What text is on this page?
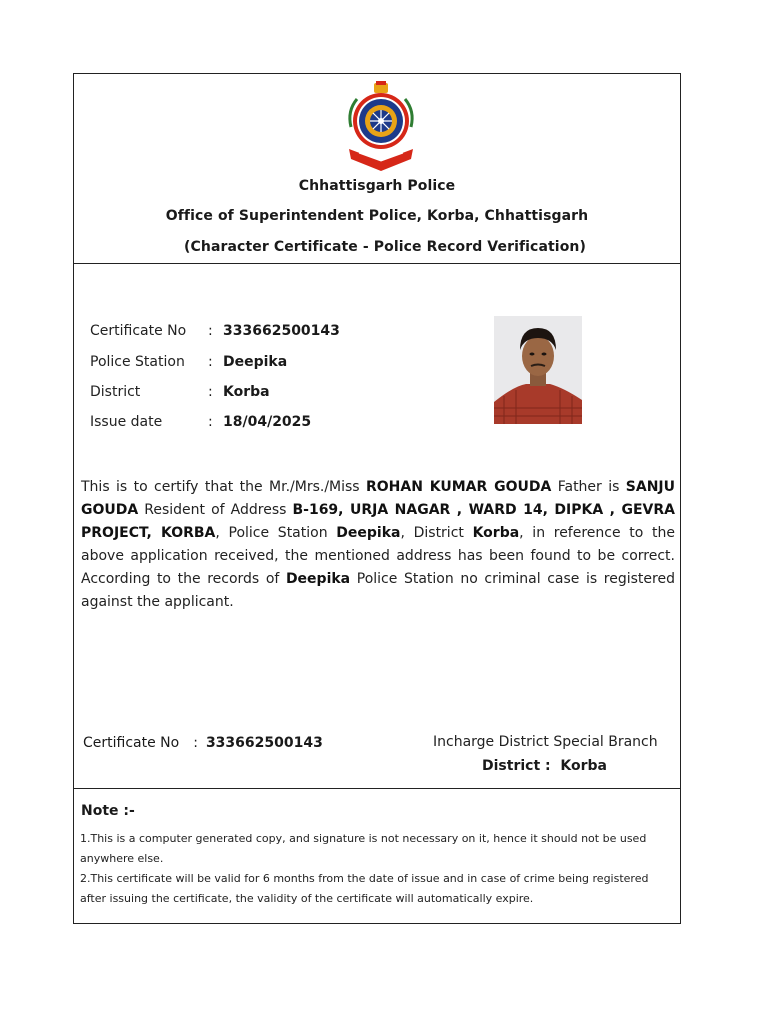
Chhattisgarh Police
Office of Superintendent Police, Korba, Chhattisgarh
(Character Certificate - Police Record Verification)
Certificate No : 333662500143
Police Station : Deepika
District	: Korba
Issue date	: 18/04/2025
This is to certify that the Mr./Mrs./Miss ROHAN KUMAR GOUDA Father is SANJU GOUDA Resident of Address B-169, URJA NAGAR , WARD 14, DIPKA , GEVRA PROJECT, KORBA, Police Station Deepika, District Korba, in reference to the above application received, the mentioned address has been found to be correct. According to the records of Deepika Police Station no criminal case is registered against the applicant.
Certificate No : 333662500143	Incharge District Special Branch
District : Korba
Note :-
1.This is a computer generated copy, and signature is not necessary on it, hence it should not be used anywhere else.
2.This certificate will be valid for 6 months from the date of issue and in case of crime being registered after issuing the certificate, the validity of the certificate will automatically expire.
